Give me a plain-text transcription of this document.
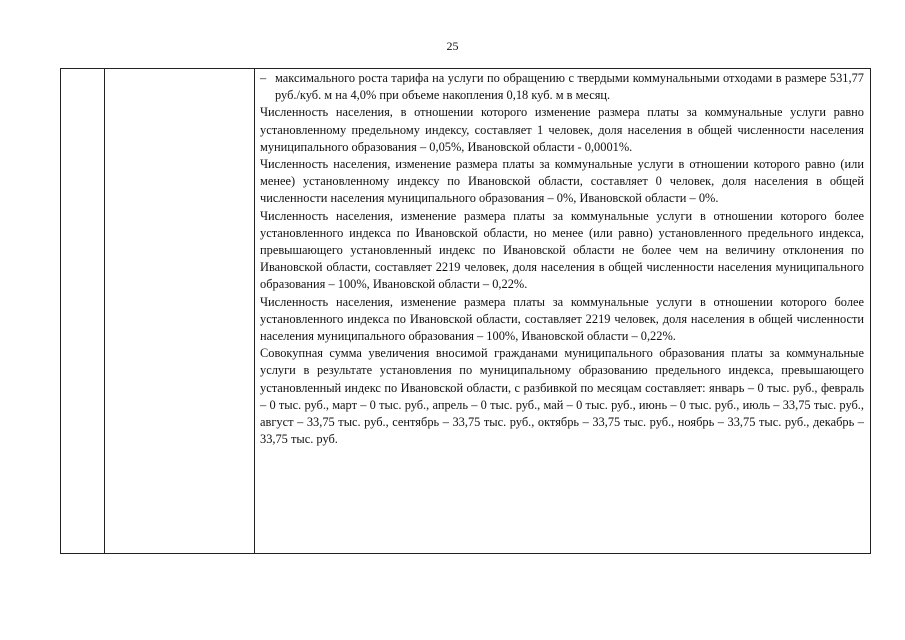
25

– максимального роста тарифа на услуги по обращению с твердыми коммунальными отходами в размере 531,77 руб./куб. м на 4,0% при объеме накопления 0,18 куб. м в месяц.

Численность населения, в отношении которого изменение размера платы за коммунальные услуги равно установленному предельному индексу, составляет 1 человек, доля населения в общей численности населения муниципального образования – 0,05%, Ивановской области - 0,0001%.

Численность населения, изменение размера платы за коммунальные услуги в отношении которого равно (или менее) установленному индексу по Ивановской области, составляет 0 человек, доля населения в общей численности населения муниципального образования – 0%, Ивановской области – 0%.

Численность населения, изменение размера платы за коммунальные услуги в отношении которого более установленного индекса по Ивановской области, но менее (или равно) установленного предельного индекса, превышающего установленный индекс по Ивановской области не более чем на величину отклонения по Ивановской области, составляет 2219 человек, доля населения в общей численности населения муниципального образования – 100%, Ивановской области – 0,22%.

Численность населения, изменение размера платы за коммунальные услуги в отношении которого более установленного индекса по Ивановской области, составляет 2219 человек, доля населения в общей численности населения муниципального образования – 100%, Ивановской области – 0,22%.

Совокупная сумма увеличения вносимой гражданами муниципального образования платы за коммунальные услуги в результате установления по муниципальному образованию предельного индекса, превышающего установленный индекс по Ивановской области, с разбивкой по месяцам составляет: январь – 0 тыс. руб., февраль – 0 тыс. руб., март – 0 тыс. руб., апрель – 0 тыс. руб., май – 0 тыс. руб., июнь – 0 тыс. руб., июль – 33,75 тыс. руб., август – 33,75 тыс. руб., сентябрь – 33,75 тыс. руб., октябрь – 33,75 тыс. руб., ноябрь – 33,75 тыс. руб., декабрь – 33,75 тыс. руб.
